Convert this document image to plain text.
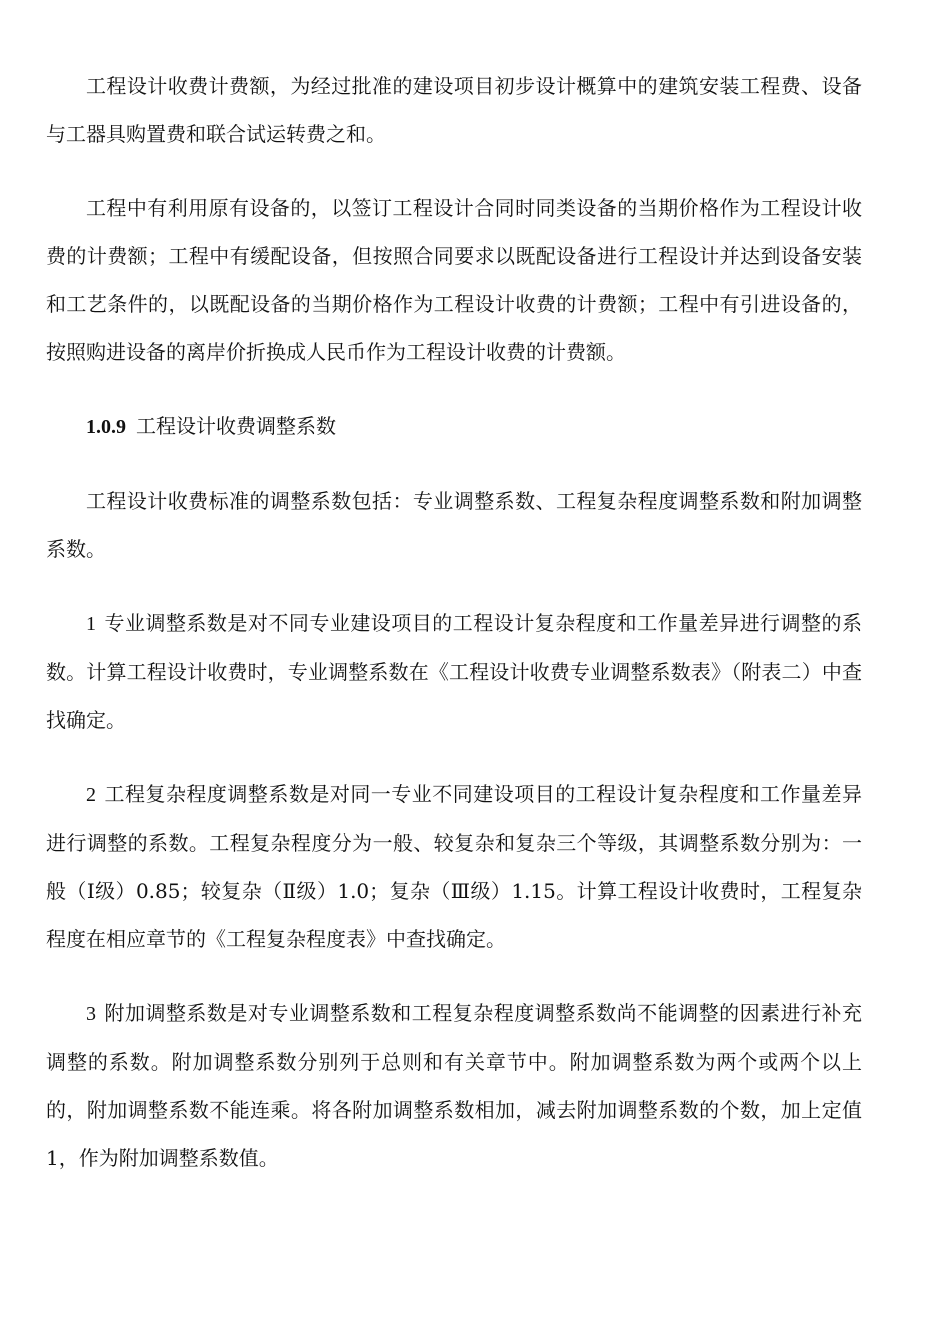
工程设计收费计费额，为经过批准的建设项目初步设计概算中的建筑安装工程费、设备与工器具购置费和联合试运转费之和。

工程中有利用原有设备的，以签订工程设计合同时同类设备的当期价格作为工程设计收费的计费额；工程中有缓配设备，但按照合同要求以既配设备进行工程设计并达到设备安装和工艺条件的，以既配设备的当期价格作为工程设计收费的计费额；工程中有引进设备的，按照购进设备的离岸价折换成人民币作为工程设计收费的计费额。

1.0.9 工程设计收费调整系数

工程设计收费标准的调整系数包括：专业调整系数、工程复杂程度调整系数和附加调整系数。

1 专业调整系数是对不同专业建设项目的工程设计复杂程度和工作量差异进行调整的系数。计算工程设计收费时，专业调整系数在《工程设计收费专业调整系数表》（附表二）中查找确定。

2 工程复杂程度调整系数是对同一专业不同建设项目的工程设计复杂程度和工作量差异进行调整的系数。工程复杂程度分为一般、较复杂和复杂三个等级，其调整系数分别为：一般（Ⅰ级）0.85；较复杂（Ⅱ级）1.0；复杂（Ⅲ级）1.15。计算工程设计收费时，工程复杂程度在相应章节的《工程复杂程度表》中查找确定。

3 附加调整系数是对专业调整系数和工程复杂程度调整系数尚不能调整的因素进行补充调整的系数。附加调整系数分别列于总则和有关章节中。附加调整系数为两个或两个以上的，附加调整系数不能连乘。将各附加调整系数相加，减去附加调整系数的个数，加上定值 1，作为附加调整系数值。
